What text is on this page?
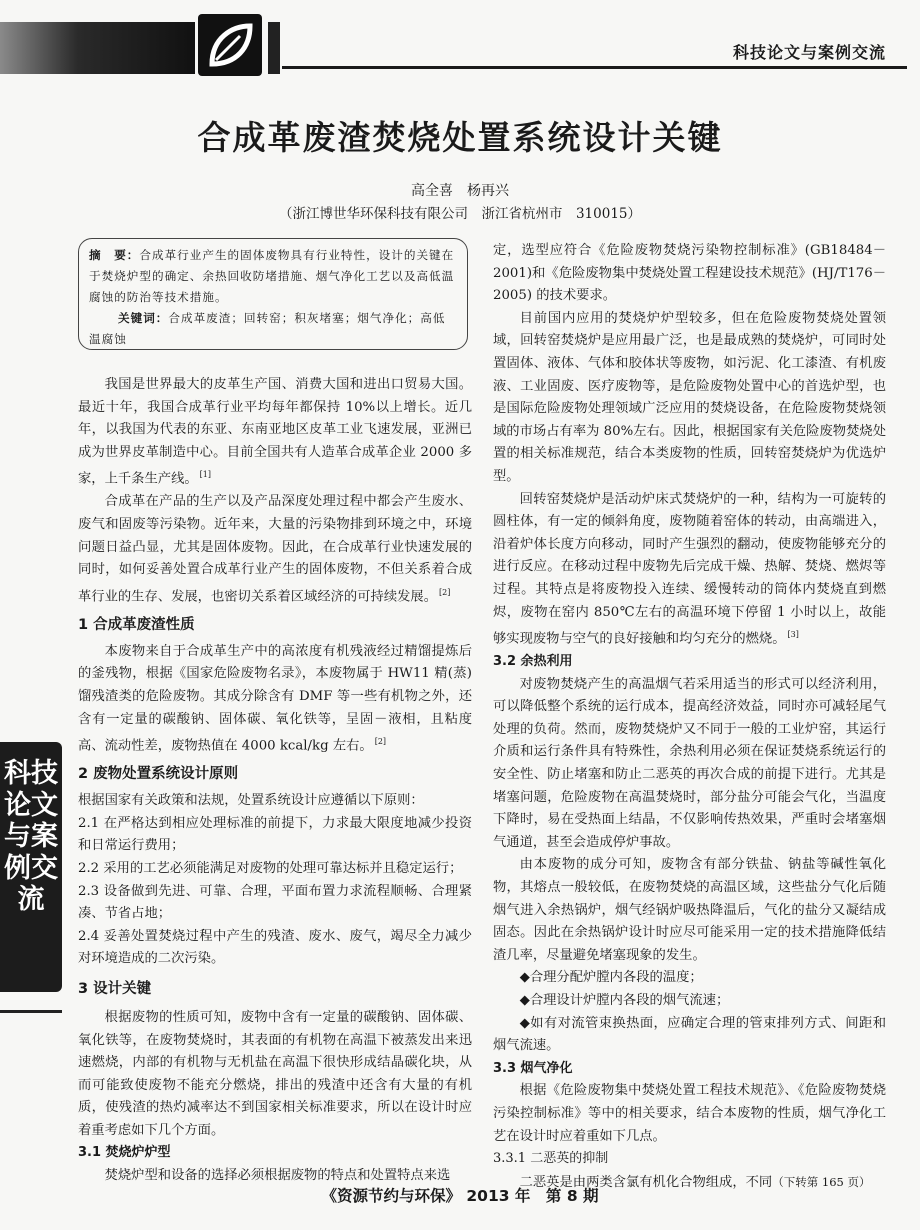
科技论文与案例交流
合成革废渣焚烧处置系统设计关键
高全喜　杨再兴
（浙江博世华环保科技有限公司　浙江省杭州市　310015）
摘　要：合成革行业产生的固体废物具有行业特性，设计的关键在于焚烧炉型的确定、余热回收防堵措施、烟气净化工艺以及高低温腐蚀的防治等技术措施。
关键词：合成革废渣；回转窑；积灰堵塞；烟气净化；高低温腐蚀

我国是世界最大的皮革生产国、消费大国和进出口贸易大国。最近十年，我国合成革行业平均每年都保持 10%以上增长。近几年，以我国为代表的东亚、东南亚地区皮革工业飞速发展，亚洲已成为世界皮革制造中心。目前全国共有人造革合成革企业 2000 多家，上千条生产线。 [1]

合成革在产品的生产以及产品深度处理过程中都会产生废水、废气和固废等污染物。近年来，大量的污染物排到环境之中，环境问题日益凸显，尤其是固体废物。因此，在合成革行业快速发展的同时，如何妥善处置合成革行业产生的固体废物，不但关系着合成革行业的生存、发展，也密切关系着区域经济的可持续发展。 [2]

1 合成革废渣性质

本废物来自于合成革生产中的高浓度有机残液经过精馏提炼后的釜残物，根据《国家危险废物名录》，本废物属于 HW11 精(蒸) 馏残渣类的危险废物。其成分除含有 DMF 等一些有机物之外，还含有一定量的碳酸钠、固体碳、氧化铁等，呈固－液相，且粘度高、流动性差，废物热值在 4000 kcal/kg 左右。 [2]

2 废物处置系统设计原则

根据国家有关政策和法规，处置系统设计应遵循以下原则：

2.1 在严格达到相应处理标准的前提下，力求最大限度地减少投资和日常运行费用；

2.2 采用的工艺必须能满足对废物的处理可靠达标并且稳定运行；

2.3 设备做到先进、可靠、合理，平面布置力求流程顺畅、合理紧凑、节省占地；

2.4 妥善处置焚烧过程中产生的残渣、废水、废气，竭尽全力减少对环境造成的二次污染。

3 设计关键

根据废物的性质可知，废物中含有一定量的碳酸钠、固体碳、氧化铁等，在废物焚烧时，其表面的有机物在高温下被蒸发出来迅速燃烧，内部的有机物与无机盐在高温下很快形成结晶碳化块，从而可能致使废物不能充分燃烧，排出的残渣中还含有大量的有机质，使残渣的热灼减率达不到国家相关标准要求，所以在设计时应着重考虑如下几个方面。

3.1 焚烧炉炉型

焚烧炉型和设备的选择必须根据废物的特点和处置特点来选

定，选型应符合《危险废物焚烧污染物控制标准》(GB18484－2001)和《危险废物集中焚烧处置工程建设技术规范》(HJ/T176－2005) 的技术要求。

目前国内应用的焚烧炉炉型较多，但在危险废物焚烧处置领域，回转窑焚烧炉是应用最广泛，也是最成熟的焚烧炉，可同时处置固体、液体、气体和胶体状等废物，如污泥、化工漆渣、有机废液、工业固废、医疗废物等，是危险废物处置中心的首选炉型，也是国际危险废物处理领域广泛应用的焚烧设备，在危险废物焚烧领域的市场占有率为 80%左右。因此，根据国家有关危险废物焚烧处置的相关标准规范，结合本类废物的性质，回转窑焚烧炉为优选炉型。

回转窑焚烧炉是活动炉床式焚烧炉的一种，结构为一可旋转的圆柱体，有一定的倾斜角度，废物随着窑体的转动，由高端进入，沿着炉体长度方向移动，同时产生强烈的翻动，使废物能够充分的进行反应。在移动过程中废物先后完成干燥、热解、焚烧、燃烬等过程。其特点是将废物投入连续、缓慢转动的筒体内焚烧直到燃烬，废物在窑内 850℃左右的高温环境下停留 1 小时以上，故能够实现废物与空气的良好接触和均匀充分的燃烧。 [3]

3.2 余热利用

对废物焚烧产生的高温烟气若采用适当的形式可以经济利用，可以降低整个系统的运行成本，提高经济效益，同时亦可减轻尾气处理的负荷。然而，废物焚烧炉又不同于一般的工业炉窑，其运行介质和运行条件具有特殊性，余热利用必须在保证焚烧系统运行的安全性、防止堵塞和防止二恶英的再次合成的前提下进行。尤其是堵塞问题，危险废物在高温焚烧时，部分盐分可能会气化，当温度下降时，易在受热面上结晶，不仅影响传热效果，严重时会堵塞烟气通道，甚至会造成停炉事故。

由本废物的成分可知，废物含有部分铁盐、钠盐等碱性氧化物，其熔点一般较低，在废物焚烧的高温区域，这些盐分气化后随烟气进入余热锅炉，烟气经锅炉吸热降温后，气化的盐分又凝结成固态。因此在余热锅炉设计时应尽可能采用一定的技术措施降低结渣几率，尽量避免堵塞现象的发生。

◆合理分配炉膛内各段的温度；

◆合理设计炉膛内各段的烟气流速；

◆如有对流管束换热面，应确定合理的管束排列方式、间距和烟气流速。

3.3 烟气净化

根据《危险废物集中焚烧处置工程技术规范》、《危险废物焚烧污染控制标准》等中的相关要求，结合本废物的性质，烟气净化工艺在设计时应着重如下几点。

3.3.1 二恶英的抑制

二恶英是由两类含氯有机化合物组成，不同（下转第 165 页）

科技论文与案例交流
《资源节约与环保》 2013 年　第 8 期
